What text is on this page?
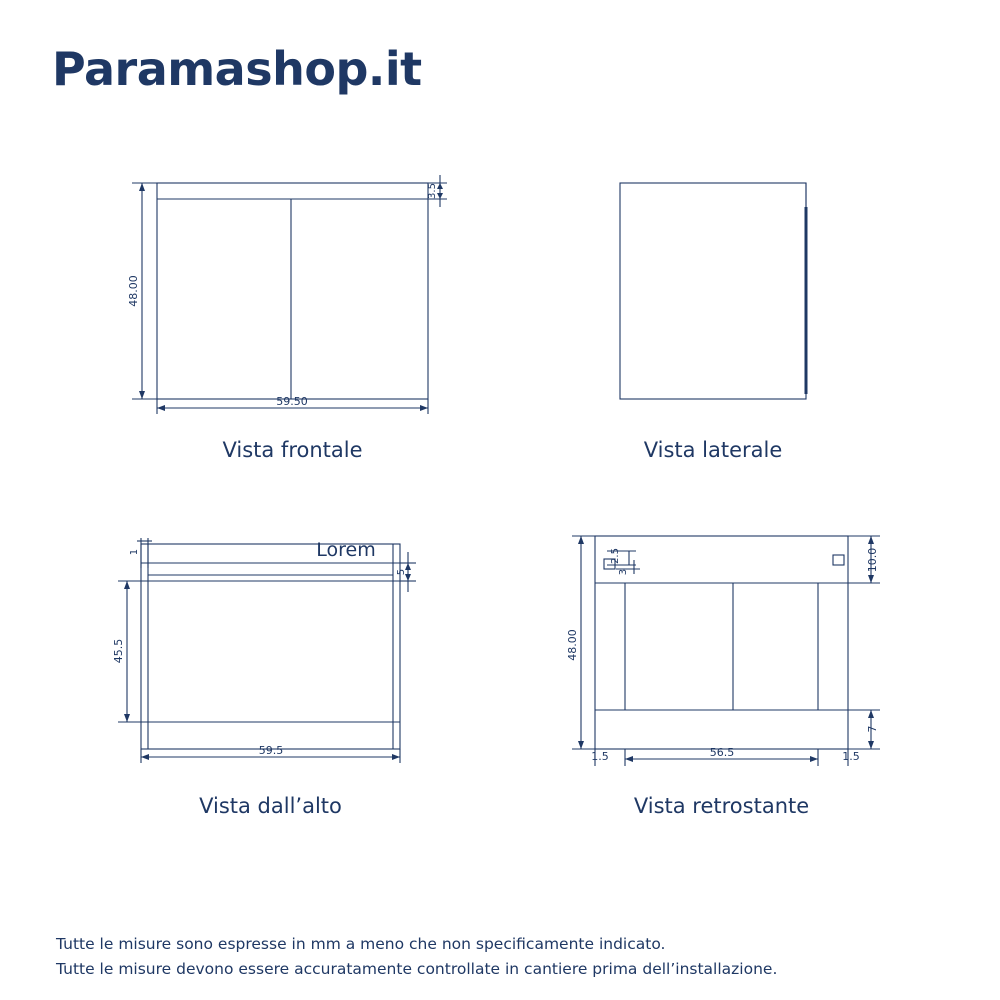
Paramashop.it
48.00
59.50
3.5
Vista frontale	Vista laterale
1
5
45.5
59.5
Lorem
Vista dall’alto
10.0
2.5
3
48.00
7
1.5	56.5	1.5
Vista retrostante
Tutte le misure sono espresse in mm a meno che non specificamente indicato.
Tutte le misure devono essere accuratamente controllate in cantiere prima dell’installazione.
